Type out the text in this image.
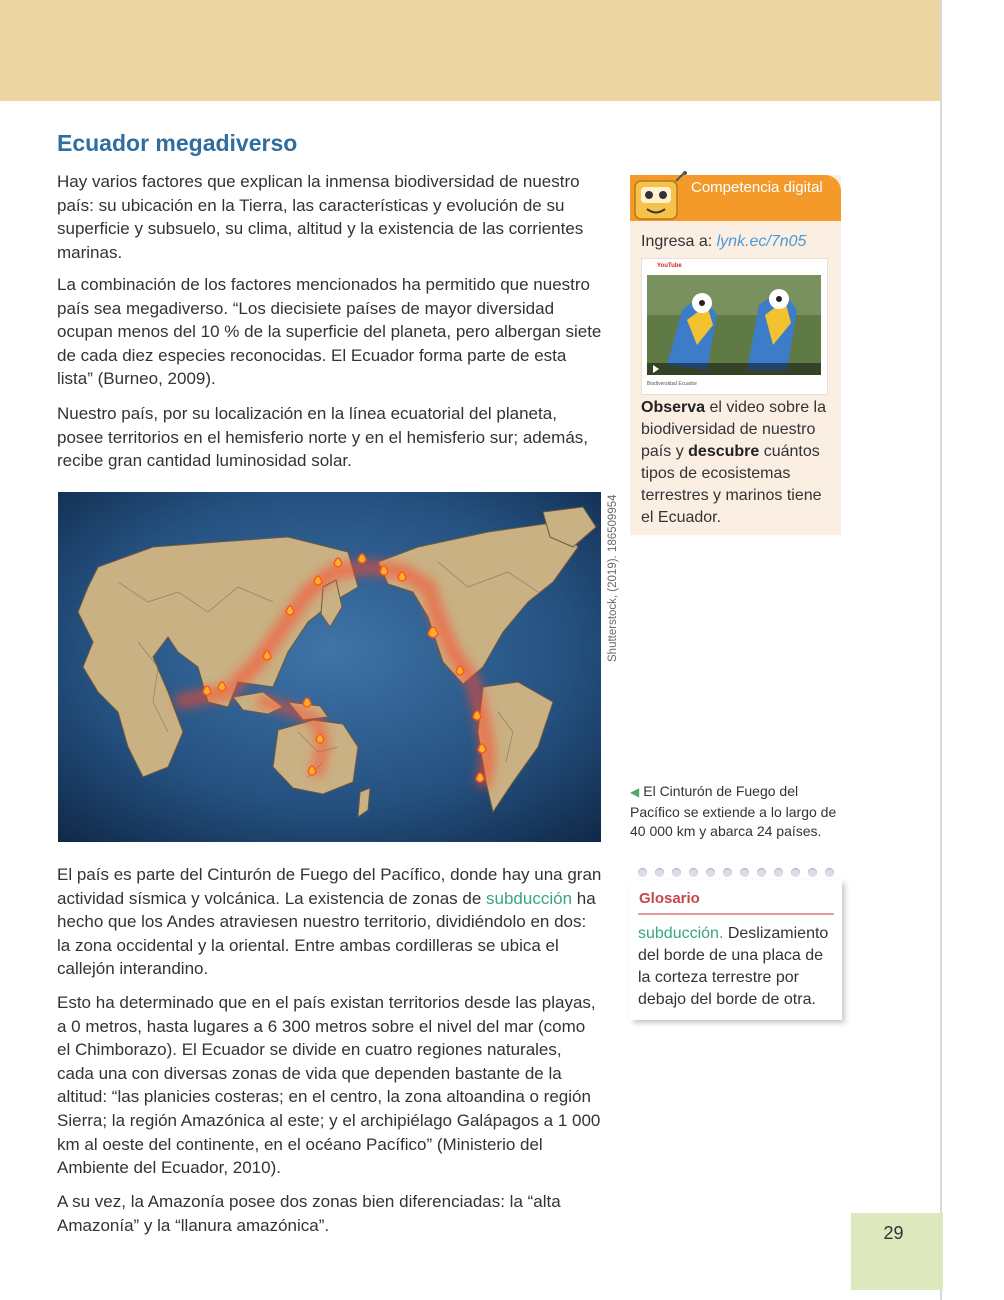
Ecuador megadiverso

Hay varios factores que explican la inmensa biodiversidad de nuestro país: su ubicación en la Tierra, las características y evolución de su superficie y subsuelo, su clima, altitud y la existencia de las corrientes marinas.

La combinación de los factores mencionados ha permitido que nuestro país sea megadiverso. “Los diecisiete países de mayor diversidad ocupan menos del 10 % de la superficie del planeta, pero albergan siete de cada diez especies reconocidas. El Ecuador forma parte de esta lista” (Burneo, 2009).

Nuestro país, por su localización en la línea ecuatorial del planeta, posee territorios en el hemisferio norte y en el hemisferio sur; además, recibe gran cantidad luminosidad solar.

Shutterstock, (2019). 186509954
◀ El Cinturón de Fuego del Pacífico se extiende a lo largo de 40 000 km y abarca 24 países.
Competencia digital
Ingresa a: lynk.ec/7n05
YouTube
Biodiversidad Ecuador
Observa el video sobre la biodiversidad de nuestro país y descubre cuántos tipos de ecosistemas terrestres y marinos tiene el Ecuador.

El país es parte del Cinturón de Fuego del Pacífico, donde hay una gran actividad sísmica y volcánica. La existencia de zonas de subducción ha hecho que los Andes atraviesen nuestro territorio, dividiéndolo en dos: la zona occidental y la oriental. Entre ambas cordilleras se ubica el callejón interandino.

Esto ha determinado que en el país existan territorios desde las playas, a 0 metros, hasta lugares a 6 300 metros sobre el nivel del mar (como el Chimborazo). El Ecuador se divide en cuatro regiones naturales, cada una con diversas zonas de vida que dependen bastante de la altitud: “las planicies costeras; en el centro, la zona altoandina o región Sierra; la región Amazónica al este; y el archipiélago Galápagos a 1 000 km al oeste del continente, en el océano Pacífico” (Ministerio del Ambiente del Ecuador, 2010).

A su vez, la Amazonía posee dos zonas bien diferenciadas: la “alta Amazonía” y la “llanura amazónica”.

Glosario
subducción. Deslizamiento del borde de una placa de la corteza terrestre por debajo del borde de otra.
29
